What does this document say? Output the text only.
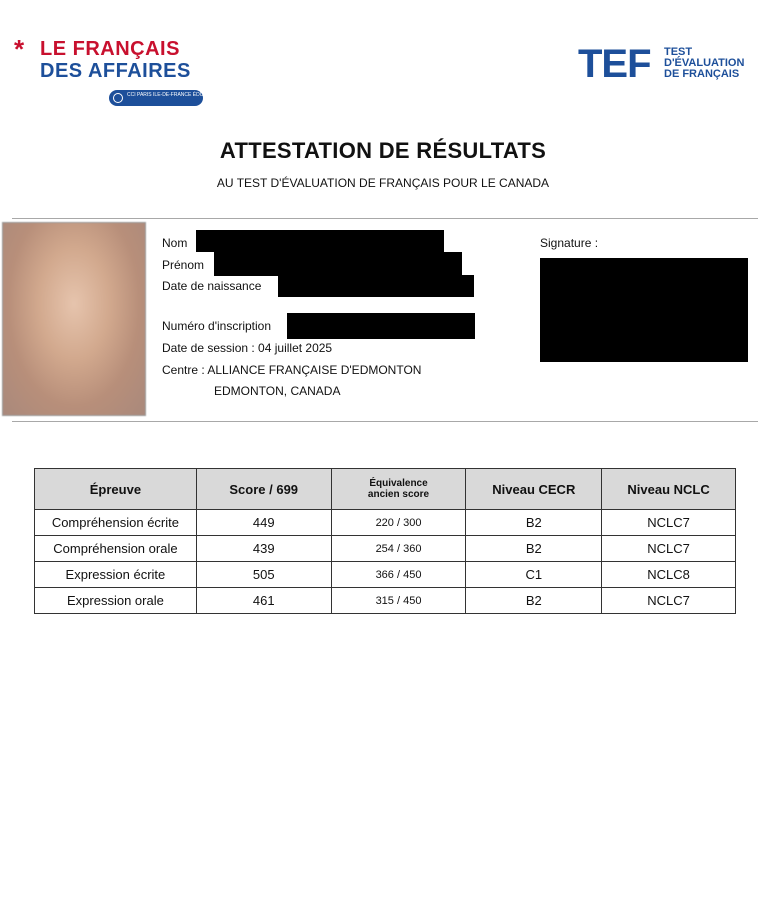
* LE FRANÇAIS
DES AFFAIRES
CCI PARIS ILE-DE-FRANCE ÉDUCATION
TEF TEST
D'ÉVALUATION
DE FRANÇAIS
ATTESTATION DE RÉSULTATS
AU TEST D'ÉVALUATION DE FRANÇAIS POUR LE CANADA
Nom
Prénom
Date de naissance
Numéro d'inscription
Date de session : 04 juillet 2025
Centre : ALLIANCE FRANÇAISE D'EDMONTON
EDMONTON, CANADA
Signature :
Épreuve	Score / 699	Équivalence
ancien score	Niveau CECR	Niveau NCLC
Compréhension écrite	449	220 / 300	B2	NCLC7
Compréhension orale	439	254 / 360	B2	NCLC7
Expression écrite	505	366 / 450	C1	NCLC8
Expression orale	461	315 / 450	B2	NCLC7
